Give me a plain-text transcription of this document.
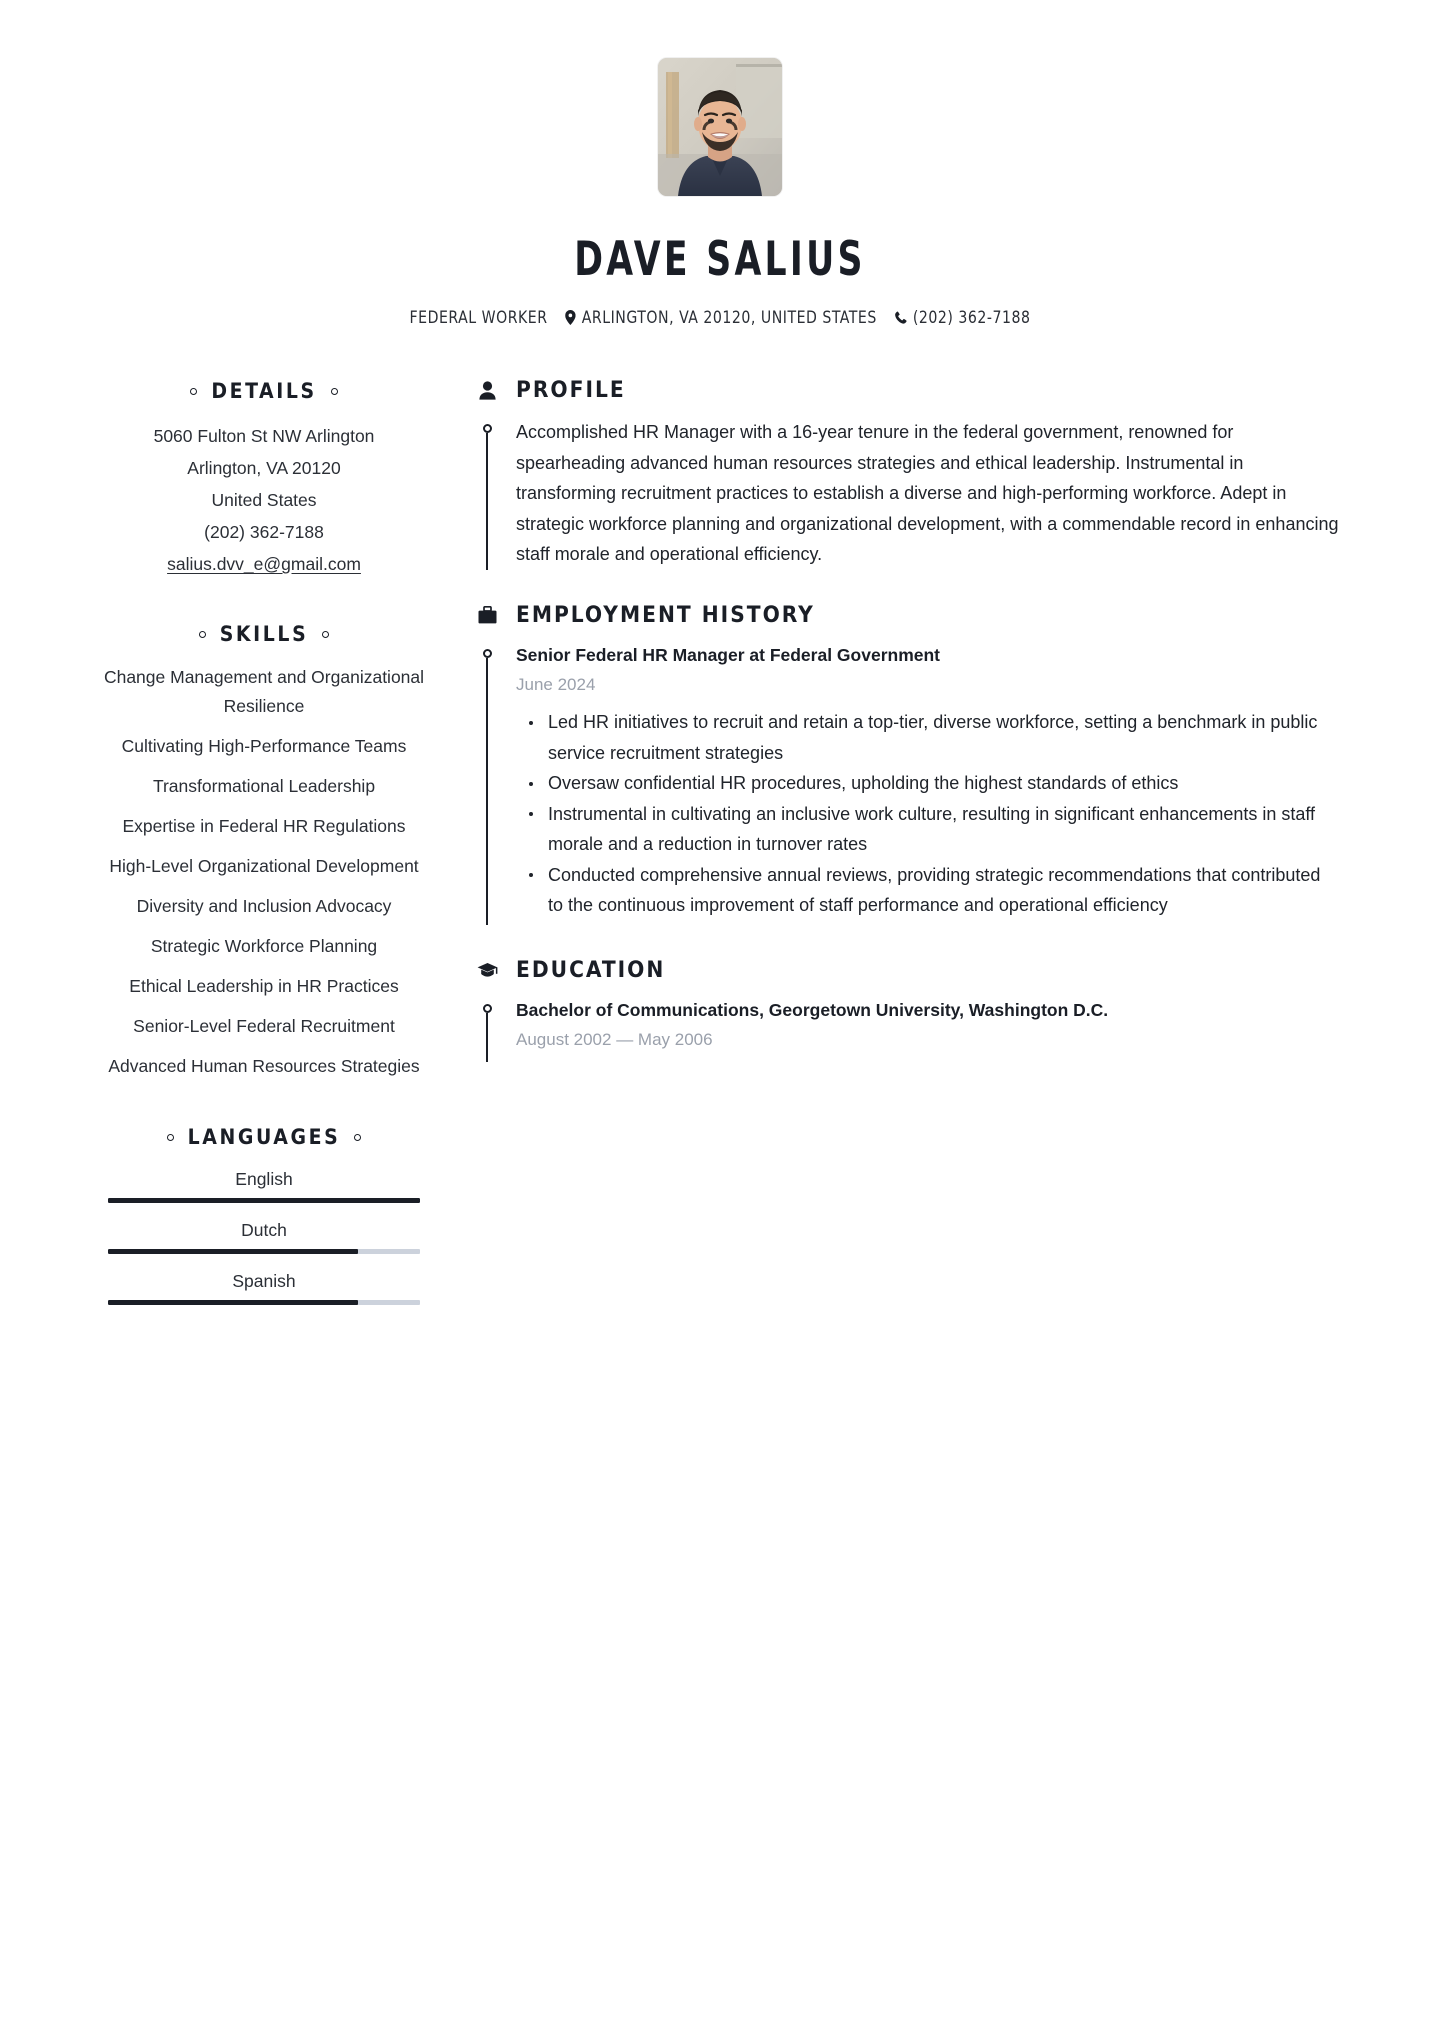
DAVE SALIUS
FEDERAL WORKER ARLINGTON, VA 20120, UNITED STATES (202) 362-7188
DETAILS
5060 Fulton St NW Arlington
Arlington, VA 20120
United States
(202) 362-7188
salius.dvv_e@gmail.com
SKILLS
Change Management and Organizational Resilience
Cultivating High-Performance Teams
Transformational Leadership
Expertise in Federal HR Regulations
High-Level Organizational Development
Diversity and Inclusion Advocacy
Strategic Workforce Planning
Ethical Leadership in HR Practices
Senior-Level Federal Recruitment
Advanced Human Resources Strategies
LANGUAGES
English
Dutch
Spanish
PROFILE

Accomplished HR Manager with a 16-year tenure in the federal government, renowned for spearheading advanced human resources strategies and ethical leadership. Instrumental in transforming recruitment practices to establish a diverse and high-performing workforce. Adept in strategic workforce planning and organizational development, with a commendable record in enhancing staff morale and operational efficiency.

EMPLOYMENT HISTORY
Senior Federal HR Manager at Federal Government
June 2024
Led HR initiatives to recruit and retain a top-tier, diverse workforce, setting a benchmark in public service recruitment strategies
Oversaw confidential HR procedures, upholding the highest standards of ethics
Instrumental in cultivating an inclusive work culture, resulting in significant enhancements in staff morale and a reduction in turnover rates
Conducted comprehensive annual reviews, providing strategic recommendations that contributed to the continuous improvement of staff performance and operational efficiency
EDUCATION
Bachelor of Communications, Georgetown University, Washington D.C.
August 2002 — May 2006
